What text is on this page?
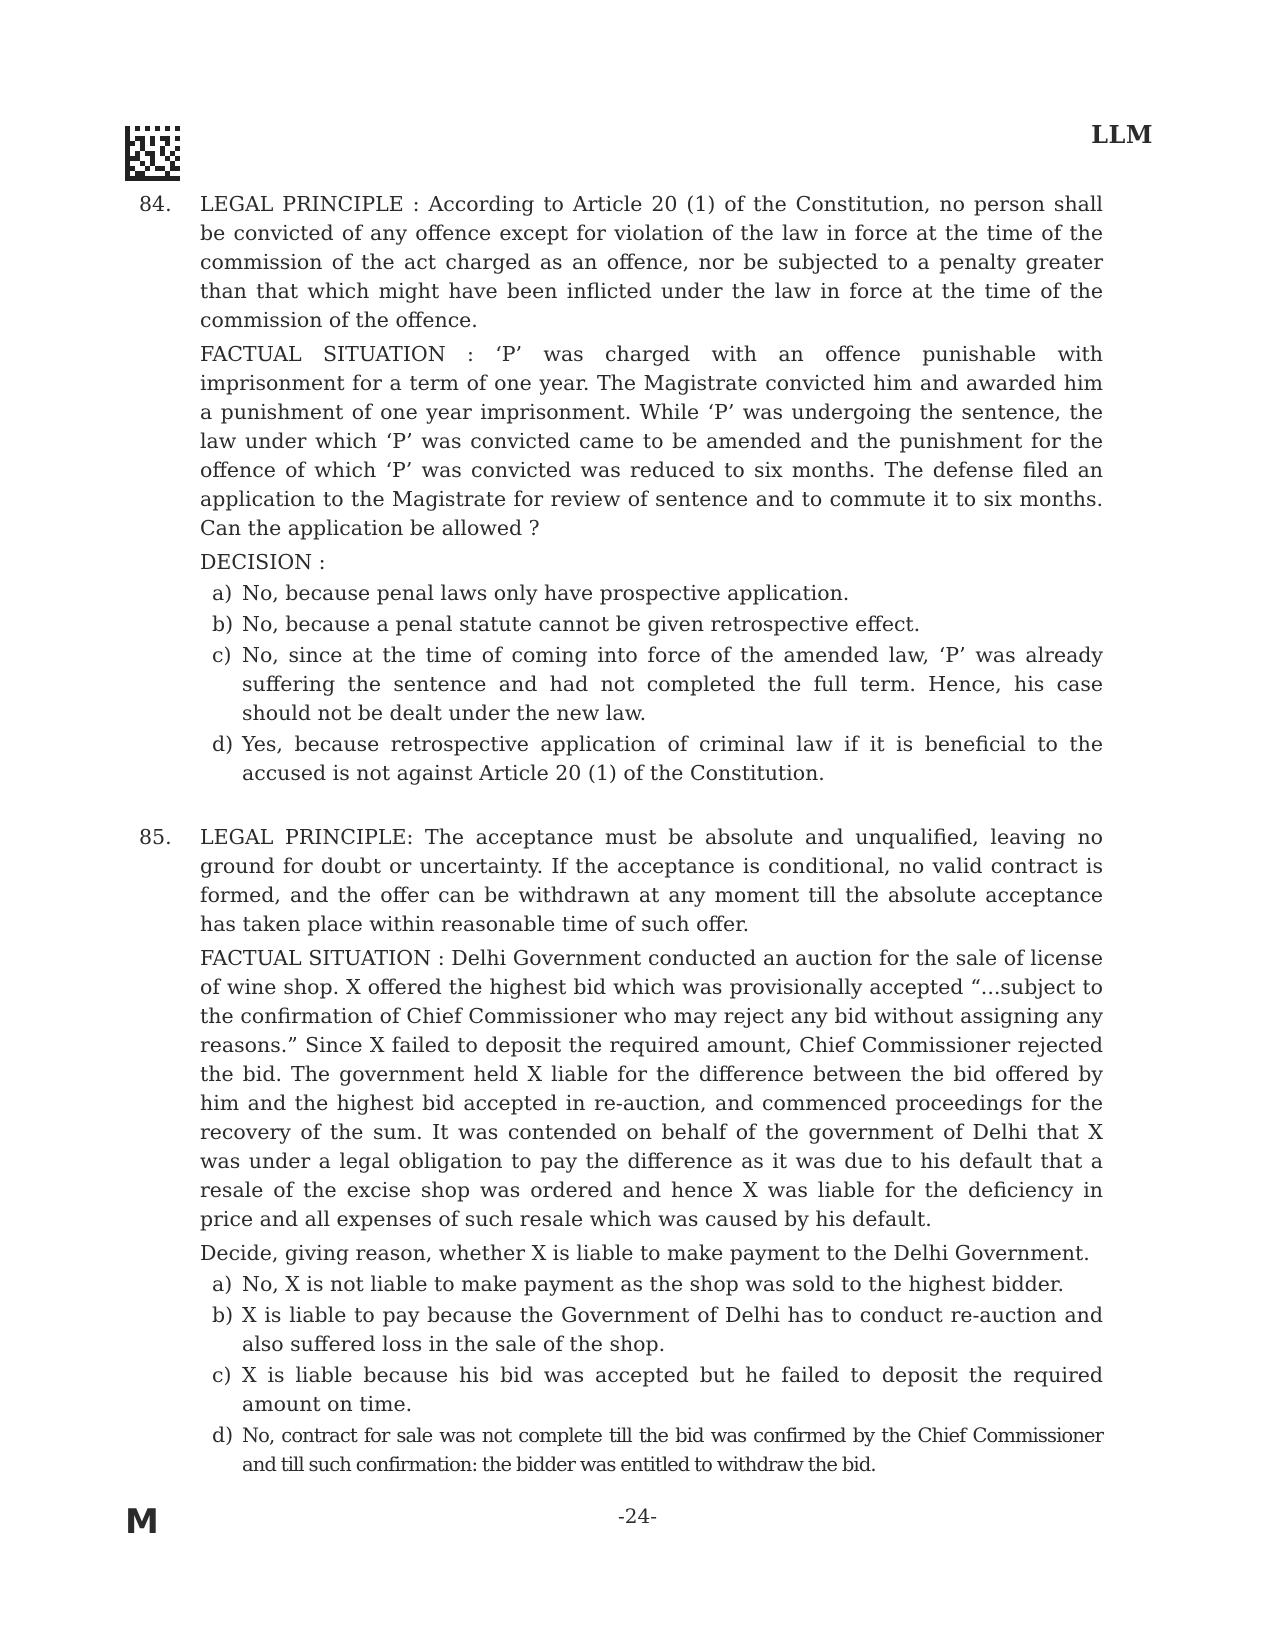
LLM
84. LEGAL PRINCIPLE : According to Article 20 (1) of the Constitution, no person shall be convicted of any offence except for violation of the law in force at the time of the commission of the act charged as an offence, nor be subjected to a penalty greater than that which might have been inflicted under the law in force at the time of the commission of the offence.

FACTUAL SITUATION : ‘P’ was charged with an offence punishable with imprisonment for a term of one year. The Magistrate convicted him and awarded him a punishment of one year imprisonment. While ‘P’ was undergoing the sentence, the law under which ‘P’ was convicted came to be amended and the punishment for the offence of which ‘P’ was convicted was reduced to six months. The defense filed an application to the Magistrate for review of sentence and to commute it to six months. Can the application be allowed ?

DECISION :

a) No, because penal laws only have prospective application.
b) No, because a penal statute cannot be given retrospective effect.
c) No, since at the time of coming into force of the amended law, ‘P’ was already suffering the sentence and had not completed the full term. Hence, his case should not be dealt under the new law.
d) Yes, because retrospective application of criminal law if it is beneficial to the accused is not against Article 20 (1) of the Constitution.
85. LEGAL PRINCIPLE: The acceptance must be absolute and unqualified, leaving no ground for doubt or uncertainty. If the acceptance is conditional, no valid contract is formed, and the offer can be withdrawn at any moment till the absolute acceptance has taken place within reasonable time of such offer.

FACTUAL SITUATION : Delhi Government conducted an auction for the sale of license of wine shop. X offered the highest bid which was provisionally accepted “...subject to the confirmation of Chief Commissioner who may reject any bid without assigning any reasons.” Since X failed to deposit the required amount, Chief Commissioner rejected the bid. The government held X liable for the difference between the bid offered by him and the highest bid accepted in re-auction, and commenced proceedings for the recovery of the sum. It was contended on behalf of the government of Delhi that X was under a legal obligation to pay the difference as it was due to his default that a resale of the excise shop was ordered and hence X was liable for the deficiency in price and all expenses of such resale which was caused by his default.

Decide, giving reason, whether X is liable to make payment to the Delhi Government.

a) No, X is not liable to make payment as the shop was sold to the highest bidder.
b) X is liable to pay because the Government of Delhi has to conduct re-auction and also suffered loss in the sale of the shop.
c) X is liable because his bid was accepted but he failed to deposit the required amount on time.
d) No, contract for sale was not complete till the bid was confirmed by the Chief Commissioner and till such confirmation: the bidder was entitled to withdraw the bid.
M	-24-
